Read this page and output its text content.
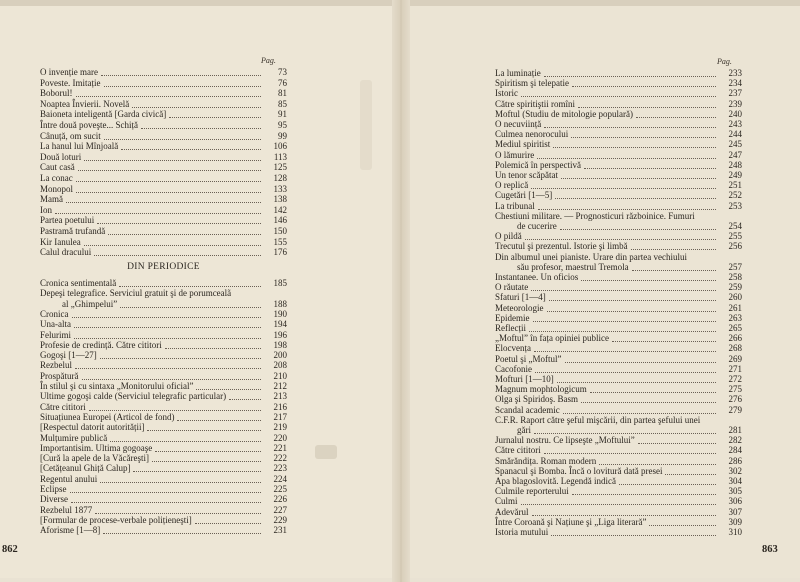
Pag.	Pag.
O invenție mare	73
Poveste. Imitație	76
Boborul!	81
Noaptea Învierii. Novelă	85
Baioneta inteligentă [Garda civică]	91
Între două poveşte... Schiță	95
Cânuță, om sucit	99
La hanul lui Mînjoală	106
Două loturi	113
Caut casă	125
La conac	128
Monopol	133
Mamă	138
Ion	142
Partea poetului	146
Pastramă trufandă	150
Kir Ianulea	155
Calul dracului	176
DIN PERIODICE
Cronica sentimentală	185
Depeşi telegrafice. Serviciul gratuit şi de porumcealã
al „Ghimpelui”	188
Cronica	190
Una-alta	194
Felurimi	196
Profesie de credință. Către cititori	198
Gogoşi [1—27]	200
Rezbelul	208
Prospătură	210
În stilul şi cu sintaxa „Monitorului oficial”	212
Ultime gogoşi calde (Serviciul telegrafic particular)	213
Către cititori	216
Situațiunea Europei (Articol de fond)	217
[Respectul datorit autorității]	219
Mulțumire publică	220
Importantisim. Ultima gogoaşe	221
[Cură la apele de la Văcăreşti]	222
[Cetățeanul Ghiță Calup]	223
Regentul anului	224
Eclipse	225
Diverse	226
Rezbelul 1877	227
[Formular de procese-verbale polițieneşti]	229
Aforisme [1—8]	231
La luminație	233
Spiritism şi telepatie	234
Istoric	237
Către spiritiştii romîni	239
Moftul (Studiu de mitologie populară)	240
O necuviință	243
Culmea nenorocului	244
Mediul spiritist	245
O lămurire	247
Polemică în perspectivă	248
Un tenor scăpătat	249
O replică	251
Cugetări [1—5]	252
La tribunal	253
Chestiuni militare. — Prognosticuri războinice. Fumuri
de cucerire	254
O pildă	255
Trecutul şi prezentul. Istorie şi limbă	256
Din albumul unei pianiste. Urare din partea vechiului
său profesor, maestrul Tremola	257
Instantanee. Un oficios	258
O răutate	259
Sfaturi [1—4]	260
Meteorologie	261
Epidemie	263
Reflecții	265
„Moftul” în fața opiniei publice	266
Elocvența	268
Poetul şi „Moftul”	269
Cacofonie	271
Mofturi [1—10]	272
Magnum mophtologicum	275
Olga şi Spiridoş. Basm	276
Scandal academic	279
C.F.R. Raport către şeful mişcării, din partea şefului unei
gări	281
Jurnalul nostru. Ce lipseşte „Moftului”	282
Către cititori	284
Smărăndița. Roman modern	286
Spanacul şi Bomba. Încă o lovitură dată presei	302
Apa blagoslovită. Legendă indică	304
Culmile reporterului	305
Culmi	306
Adevărul	307
Între Coroană şi Națiune şi „Liga literară”	309
Istoria mutului	310
862	863
